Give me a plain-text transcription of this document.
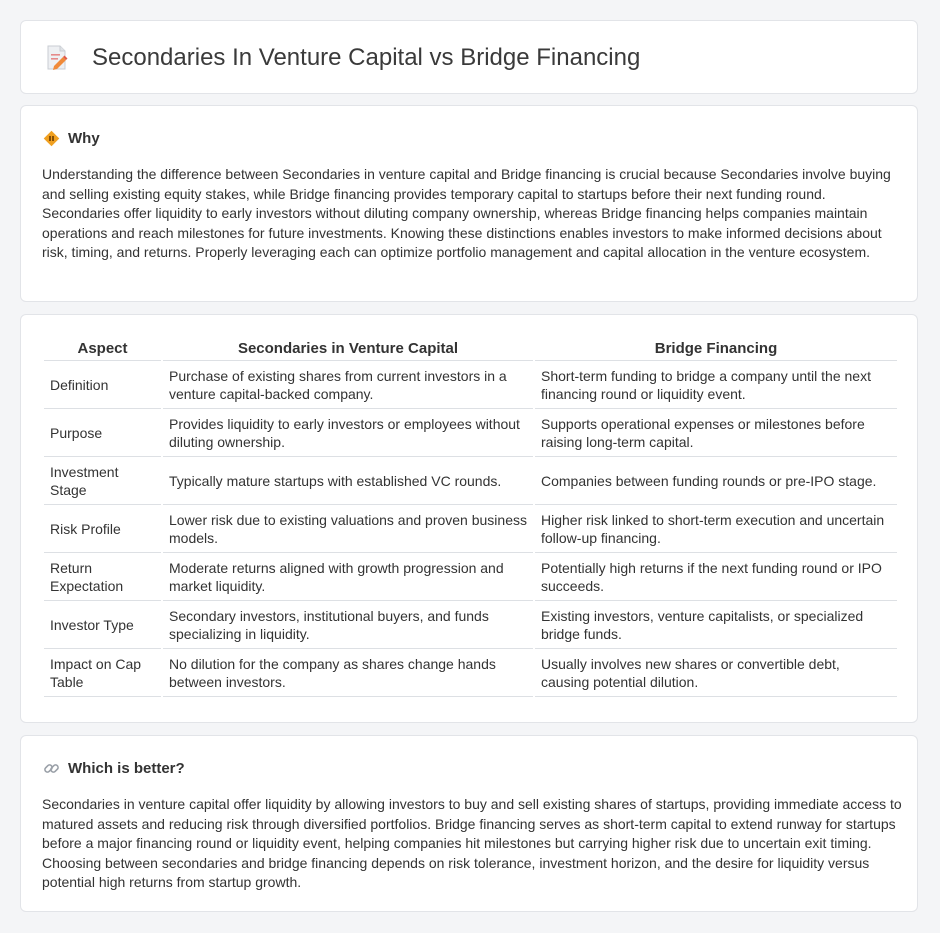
Secondaries In Venture Capital vs Bridge Financing
Why

Understanding the difference between Secondaries in venture capital and Bridge financing is crucial because Secondaries involve buying and selling existing equity stakes, while Bridge financing provides temporary capital to startups before their next funding round. Secondaries offer liquidity to early investors without diluting company ownership, whereas Bridge financing helps companies maintain operations and reach milestones for future investments. Knowing these distinctions enables investors to make informed decisions about risk, timing, and returns. Properly leveraging each can optimize portfolio management and capital allocation in the venture ecosystem.

Aspect	Secondaries in Venture Capital	Bridge Financing
Definition	Purchase of existing shares from current investors in a venture capital-backed company.	Short-term funding to bridge a company until the next financing round or liquidity event.
Purpose	Provides liquidity to early investors or employees without diluting ownership.	Supports operational expenses or milestones before raising long-term capital.
Investment Stage	Typically mature startups with established VC rounds.	Companies between funding rounds or pre-IPO stage.
Risk Profile	Lower risk due to existing valuations and proven business models.	Higher risk linked to short-term execution and uncertain follow-up financing.
Return Expectation	Moderate returns aligned with growth progression and market liquidity.	Potentially high returns if the next funding round or IPO succeeds.
Investor Type	Secondary investors, institutional buyers, and funds specializing in liquidity.	Existing investors, venture capitalists, or specialized bridge funds.
Impact on Cap Table	No dilution for the company as shares change hands between investors.	Usually involves new shares or convertible debt, causing potential dilution.
Which is better?

Secondaries in venture capital offer liquidity by allowing investors to buy and sell existing shares of startups, providing immediate access to matured assets and reducing risk through diversified portfolios. Bridge financing serves as short-term capital to extend runway for startups before a major financing round or liquidity event, helping companies hit milestones but carrying higher risk due to uncertain exit timing. Choosing between secondaries and bridge financing depends on risk tolerance, investment horizon, and the desire for liquidity versus potential high returns from startup growth.
